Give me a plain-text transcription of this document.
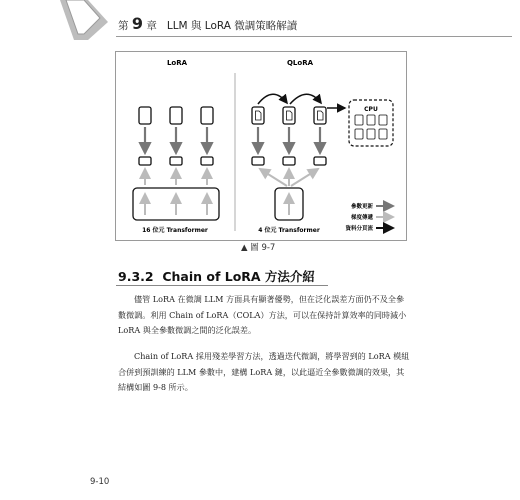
第 9 章 LLM 與 LoRA 微調策略解讀
LoRA	QLoRA
16 位元 Transformer
CPU
4 位元 Transformer
參數更新
梯度傳遞
資料分頁流
▲ 圖 9-7
9.3.2 Chain of LoRA 方法介紹
儘管 LoRA 在微調 LLM 方面具有顯著優勢，但在泛化誤差方面仍不及全參
數微調。利用 Chain of LoRA（COLA）方法，可以在保持計算效率的同時減小
LoRA 與全參數微調之間的泛化誤差。
Chain of LoRA 採用殘差學習方法，透過迭代微調，將學習到的 LoRA 模組
合併到預訓練的 LLM 參數中，建構 LoRA 鏈，以此逼近全參數微調的效果，其
結構如圖 9-8 所示。
9-10
